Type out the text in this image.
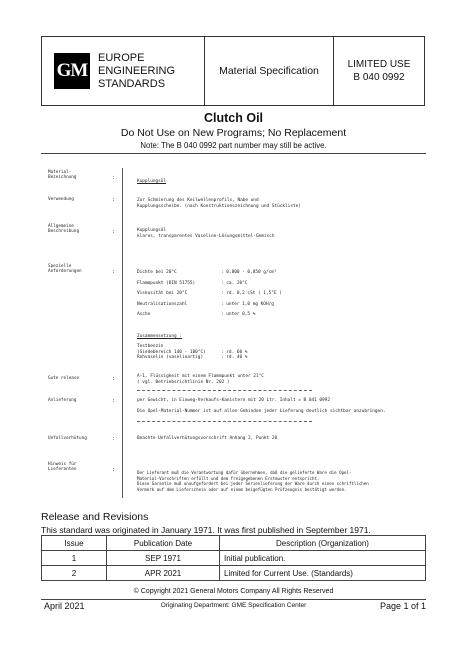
GM
EUROPE
ENGINEERING
STANDARDS
Material Specification
LIMITED USE
B 040 0992
Clutch Oil
Do Not Use on New Programs; No Replacement
Note: The B 040 0992 part number may still be active.
Material-
Bezeichnung	:
Kupplungsöl
Verwendung	:	Zur Schmierung des Keilwellenprofils, Nabe und
Kupplungsscheibe. (nach Konstruktionszeichnung und Stückliste)
Allgemeine
Beschreibung	:	Kupplungsöl
klares, transparentes Vaseline-Lösungsmittel-Gemisch
Spezielle
Anforderungen	:	Dichte bei 20°C	: 0,800 - 0,850 g/cm³
Flammpunkt (DIN 51755)	: ca. 20°C
Viskosität bei 20°C	: rd. 0,2 cSt ( 1,5°E )
Neutralisationszahl	: unter 1,0 mg KOH/g
Asche	: unter 0,5 %
Zusammensetzung :
Testbenzin
(Siedebereich 140 - 180°C)	: rd. 60 %
Rohvaselin (vaselinartig)	: rd. 40 %
Gute release	:	A-1, Flüssigkeit mit einem Flammpunkt unter 21°C
( vgl. Betriebsrichtlinie Nr. 202 )
Anlieferung	:	per Gewicht, in Einweg-Verkaufs-Kanistern mit 20 Ltr. Inhalt = B 041 0992
Die Opel-Material-Nummer ist auf allen Gebinden jeder Lieferung deutlich sichtbar anzubringen.
Unfallverhütung	:	Beachte Unfallverhütungsvorschrift Anhang 2, Punkt 20
Hinweis für
Lieferanten	:	Der Lieferant muß die Verantwortung dafür übernehmen, daß die gelieferte Ware die Opel-
Material-Vorschriften erfüllt und dem freigegebenen Erstmuster entspricht.
Diese Garantie muß unaufgefordert bei jeder Serienlieferung der Ware durch einen schriftlichen
Vermerk auf dem Lieferschein oder auf einem beigefügten Prüfzeugnis bestätigt werden.
Release and Revisions
This standard was originated in January 1971. It was first published in September 1971.
Issue	Publication Date	Description (Organization)
1	SEP 1971	Initial publication.
2	APR 2021	Limited for Current Use. (Standards)
© Copyright 2021 General Motors Company All Rights Reserved
April 2021	Originating Department: GME Specification Center	Page 1 of 1
